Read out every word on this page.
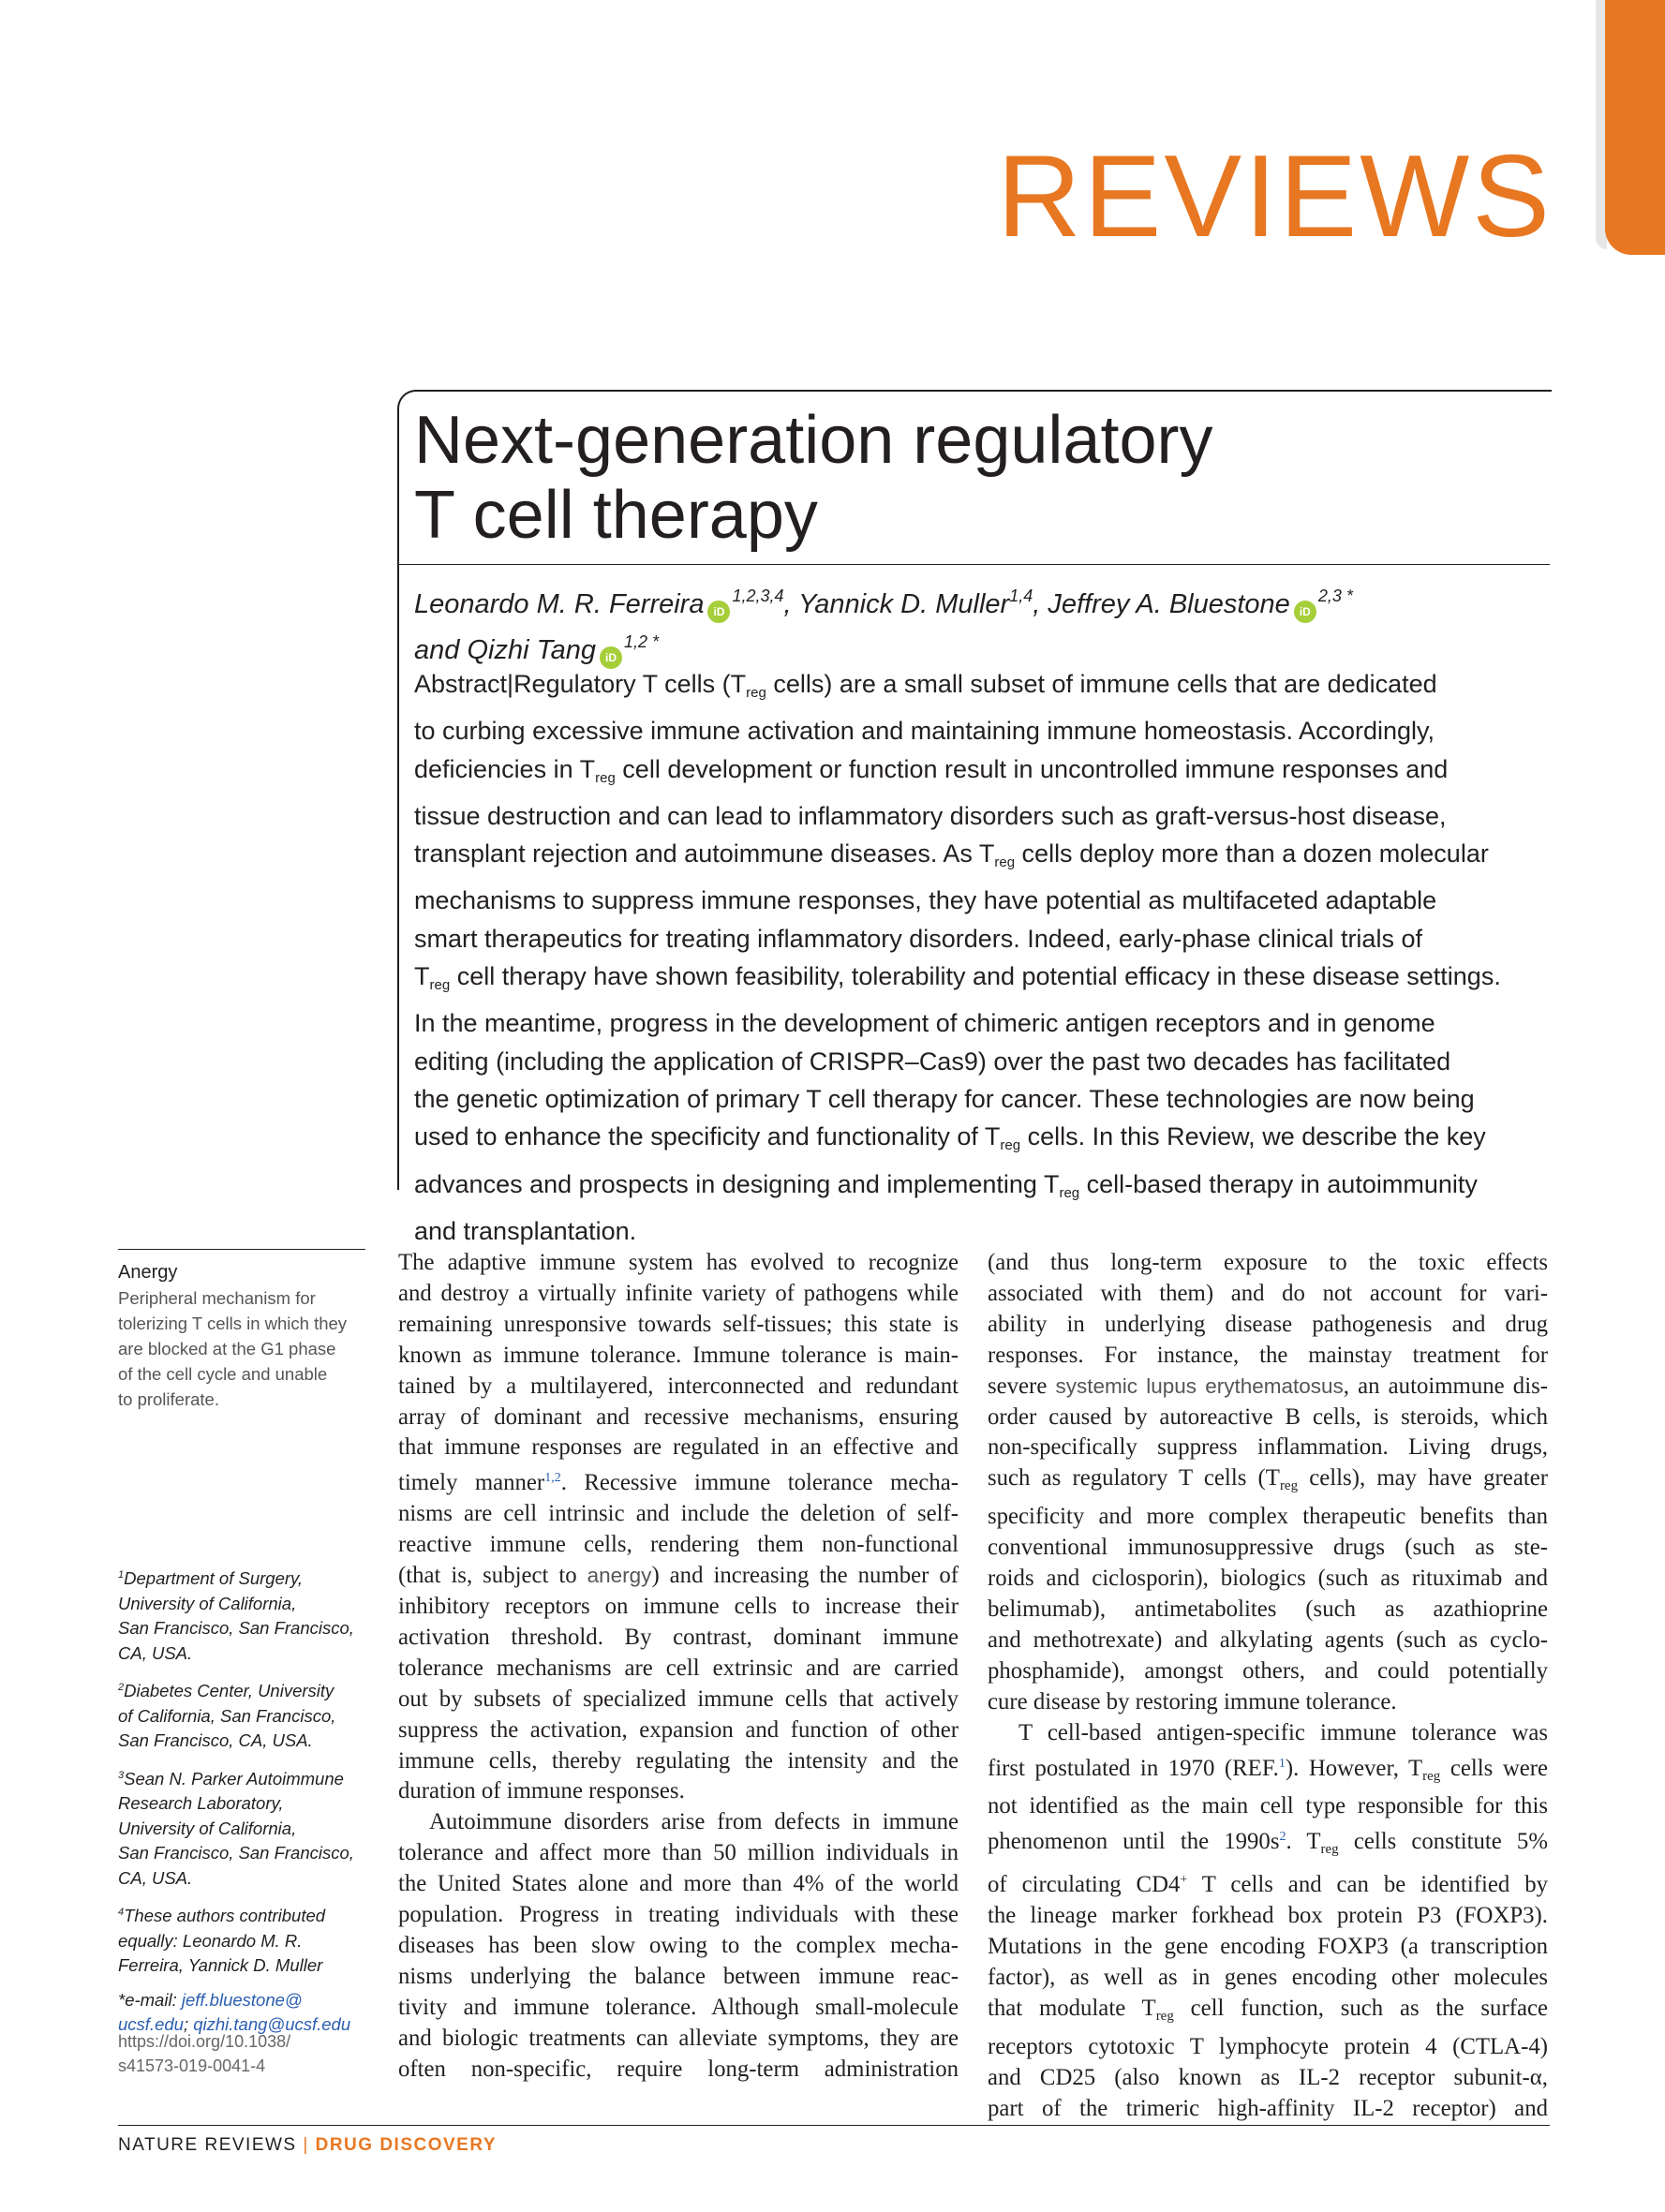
REVIEWS
Next-generation regulatory
T cell therapy
Leonardo M. R. Ferreira iD$^{1,2,3,4}$, Yannick D. Muller$^{1,4}$, Jeffrey A. Bluestone iD$^{2,3 *}$
and Qizhi Tang iD$^{1,2 *}$
Abstract|Regulatory T cells ($T_{reg}$ cells) are a small subset of immune cells that are dedicated
to curbing excessive immune activation and maintaining immune homeostasis. Accordingly,
deficiencies in $T_{reg}$ cell development or function result in uncontrolled immune responses and
tissue destruction and can lead to inflammatory disorders such as graft-versus-host disease,
transplant rejection and autoimmune diseases. As $T_{reg}$ cells deploy more than a dozen molecular
mechanisms to suppress immune responses, they have potential as multifaceted adaptable
smart therapeutics for treating inflammatory disorders. Indeed, early-phase clinical trials of
$T_{reg}$ cell therapy have shown feasibility, tolerability and potential efficacy in these disease settings.
In the meantime, progress in the development of chimeric antigen receptors and in genome
editing (including the application of CRISPR–Cas9) over the past two decades has facilitated
the genetic optimization of primary T cell therapy for cancer. These technologies are now being
used to enhance the specificity and functionality of $T_{reg}$ cells. In this Review, we describe the key
advances and prospects in designing and implementing $T_{reg}$ cell-based therapy in autoimmunity
and transplantation.
Anergy
Peripheral mechanism for
tolerizing T cells in which they
are blocked at the G1 phase
of the cell cycle and unable
to proliferate.

$^1$Department of Surgery,
University of California,
San Francisco, San Francisco,
CA, USA.

$^2$Diabetes Center, University
of California, San Francisco,
San Francisco, CA, USA.

$^3$Sean N. Parker Autoimmune
Research Laboratory,
University of California,
San Francisco, San Francisco,
CA, USA.

$^4$These authors contributed
equally: Leonardo M. R.
Ferreira, Yannick D. Muller

*e-mail: jeff.bluestone@
ucsf.edu; qizhi.tang@ucsf.edu

https://doi.org/10.1038/
s41573-019-0041-4
The adaptive immune system has evolved to recognize
and destroy a virtually infinite variety of pathogens while
remaining unresponsive towards self-tissues; this state is
known as immune tolerance. Immune tolerance is main-
tained by a multilayered, interconnected and redundant
array of dominant and recessive mechanisms, ensuring
that immune responses are regulated in an effective and
timely manner$^{1,2}$. Recessive immune tolerance mecha-
nisms are cell intrinsic and include the deletion of self-
reactive immune cells, rendering them non-functional
(that is, subject to anergy) and increasing the number of
inhibitory receptors on immune cells to increase their
activation threshold. By contrast, dominant immune
tolerance mechanisms are cell extrinsic and are carried
out by subsets of specialized immune cells that actively
suppress the activation, expansion and function of other
immune cells, thereby regulating the intensity and the
duration of immune responses.
Autoimmune disorders arise from defects in immune
tolerance and affect more than 50 million individuals in
the United States alone and more than 4% of the world
population. Progress in treating individuals with these
diseases has been slow owing to the complex mecha-
nisms underlying the balance between immune reac-
tivity and immune tolerance. Although small-molecule
and biologic treatments can alleviate symptoms, they are
often non-specific, require long-term administration
(and thus long-term exposure to the toxic effects
associated with them) and do not account for vari-
ability in underlying disease pathogenesis and drug
responses. For instance, the mainstay treatment for
severe systemic lupus erythematosus, an autoimmune dis-
order caused by autoreactive B cells, is steroids, which
non-specifically suppress inflammation. Living drugs,
such as regulatory T cells ($T_{reg}$ cells), may have greater
specificity and more complex therapeutic benefits than
conventional immunosuppressive drugs (such as ste-
roids and ciclosporin), biologics (such as rituximab and
belimumab), antimetabolites (such as azathioprine
and methotrexate) and alkylating agents (such as cyclo-
phosphamide), amongst others, and could potentially
cure disease by restoring immune tolerance.
T cell-based antigen-specific immune tolerance was
first postulated in 1970 (REF.$^1$). However, $T_{reg}$ cells were
not identified as the main cell type responsible for this
phenomenon until the 1990s$^2$. $T_{reg}$ cells constitute 5%
of circulating CD4+ T cells and can be identified by
the lineage marker forkhead box protein P3 (FOXP3).
Mutations in the gene encoding FOXP3 (a transcription
factor), as well as in genes encoding other molecules
that modulate $T_{reg}$ cell function, such as the surface
receptors cytotoxic T lymphocyte protein 4 (CTLA-4)
and CD25 (also known as IL-2 receptor subunit-α,
part of the trimeric high-affinity IL-2 receptor) and
NATURE REVIEWS | DRUG DISCOVERY
